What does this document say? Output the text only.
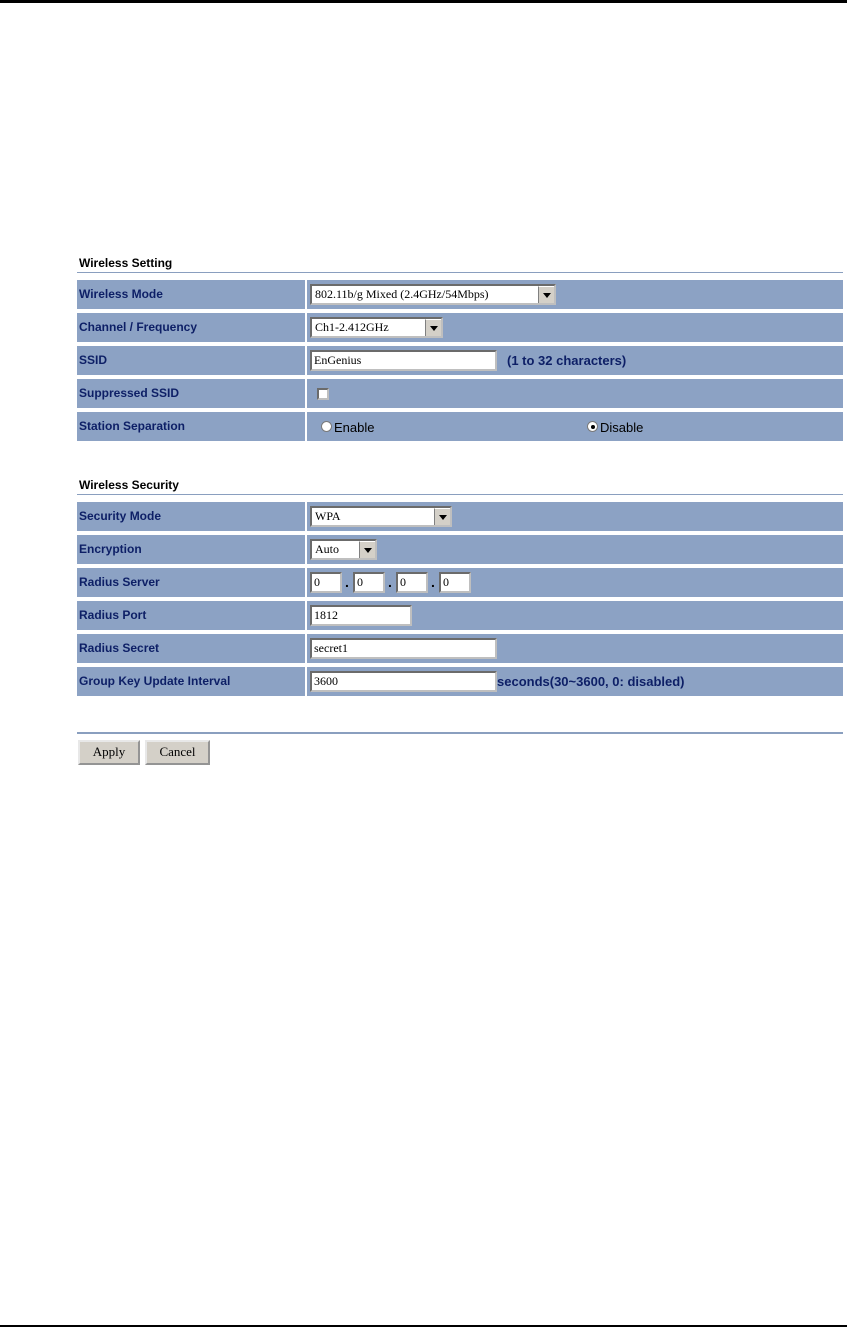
Wireless Setting
Wireless Mode	802.11b/g Mixed (2.4GHz/54Mbps)
Channel / Frequency	Ch1-2.412GHz
SSID	EnGenius	(1 to 32 characters)
Suppressed SSID
Station Separation	Enable	Disable
Wireless Security
Security Mode	WPA
Encryption	Auto
Radius Server	0	. 0	. 0	. 0
Radius Port	1812
Radius Secret	secret1
Group Key Update Interval	3600	seconds(30~3600, 0: disabled)
Apply	Cancel
